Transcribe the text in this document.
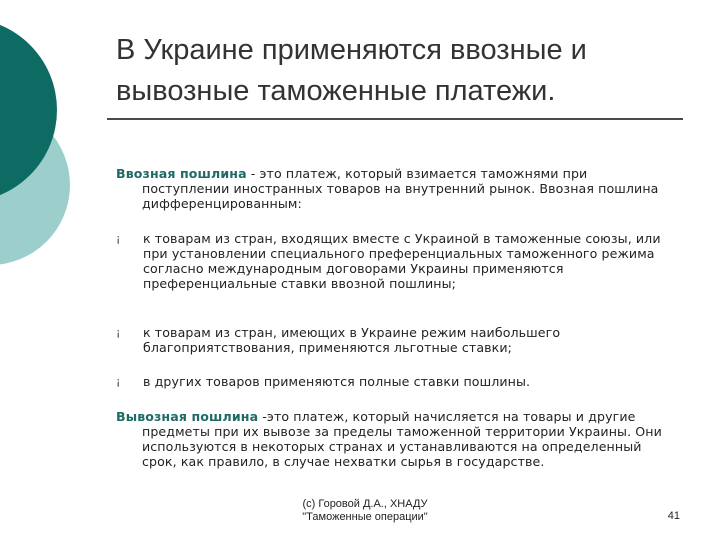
В Украине применяются ввозные и вывозные таможенные платежи.
Ввозная пошлина - это платеж, который взимается таможнями при поступлении иностранных товаров на внутренний рынок. Ввозная пошлина дифференцированным:
¡ к товарам из стран, входящих вместе с Украиной в таможенные союзы, или при установлении специального преференциальных таможенного режима согласно международным договорами Украины применяются преференциальные ставки ввозной пошлины;
¡ к товарам из стран, имеющих в Украине режим наибольшего благоприятствования, применяются льготные ставки;
¡ в других товаров применяются полные ставки пошлины.
Вывозная пошлина -это платеж, который начисляется на товары и другие предметы при их вывозе за пределы таможенной территории Украины. Они используются в некоторых странах и устанавливаются на определенный срок, как правило, в случае нехватки сырья в государстве.
(c) Горовой Д.А., ХНАДУ
"Таможенные операции"	41
